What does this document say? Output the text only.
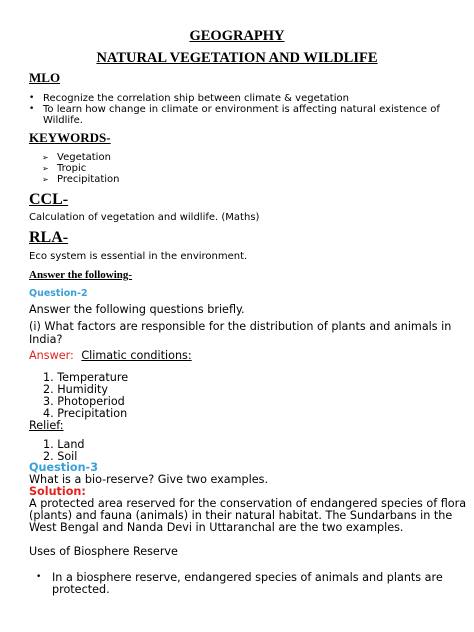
GEOGRAPHY
NATURAL VEGETATION AND WILDLIFE
MLO
• Recognize the correlation ship between climate & vegetation
• To learn how change in climate or environment is affecting natural existence of
Wildlife.
KEYWORDS-
➢ Vegetation
➢ Tropic
➢ Precipitation
CCL-
Calculation of vegetation and wildlife. (Maths)
RLA-
Eco system is essential in the environment.
Answer the following-
Question-2
Answer the following questions briefly.
(i) What factors are responsible for the distribution of plants and animals in
India?
Answer: Climatic conditions:
1. Temperature
2. Humidity
3. Photoperiod
4. Precipitation
Relief:
1. Land
2. Soil
Question-3
What is a bio-reserve? Give two examples.
Solution:
A protected area reserved for the conservation of endangered species of flora
(plants) and fauna (animals) in their natural habitat. The Sundarbans in the
West Bengal and Nanda Devi in Uttaranchal are the two examples.
Uses of Biosphere Reserve
• In a biosphere reserve, endangered species of animals and plants are
protected.
